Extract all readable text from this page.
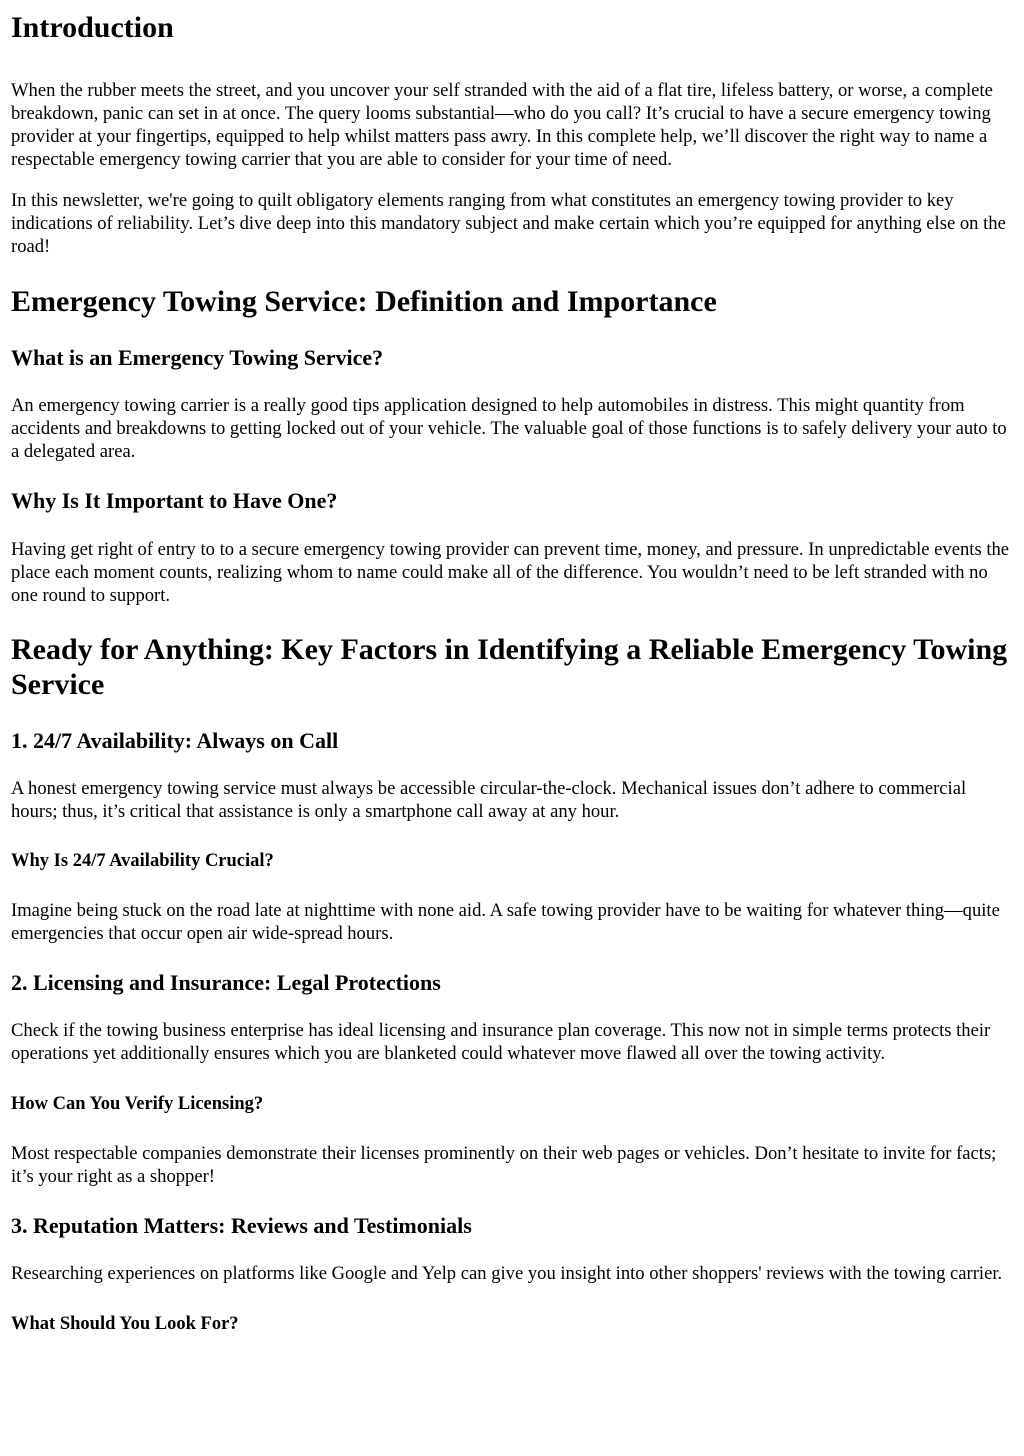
Introduction

When the rubber meets the street, and you uncover your self stranded with the aid of a flat tire, lifeless battery, or worse, a complete breakdown, panic can set in at once. The query looms substantial—who do you call? It’s crucial to have a secure emergency towing provider at your fingertips, equipped to help whilst matters pass awry. In this complete help, we’ll discover the right way to name a respectable emergency towing carrier that you are able to consider for your time of need.

In this newsletter, we're going to quilt obligatory elements ranging from what constitutes an emergency towing provider to key indications of reliability. Let’s dive deep into this mandatory subject and make certain which you’re equipped for anything else on the road!

Emergency Towing Service: Definition and Importance
What is an Emergency Towing Service?

An emergency towing carrier is a really good tips application designed to help automobiles in distress. This might quantity from accidents and breakdowns to getting locked out of your vehicle. The valuable goal of those functions is to safely delivery your auto to a delegated area.

Why Is It Important to Have One?

Having get right of entry to to a secure emergency towing provider can prevent time, money, and pressure. In unpredictable events the place each moment counts, realizing whom to name could make all of the difference. You wouldn’t need to be left stranded with no one round to support.

Ready for Anything: Key Factors in Identifying a Reliable Emergency Towing Service
1. 24/7 Availability: Always on Call

A honest emergency towing service must always be accessible circular-the-clock. Mechanical issues don’t adhere to commercial hours; thus, it’s critical that assistance is only a smartphone call away at any hour.

Why Is 24/7 Availability Crucial?

Imagine being stuck on the road late at nighttime with none aid. A safe towing provider have to be waiting for whatever thing—quite emergencies that occur open air wide-spread hours.

2. Licensing and Insurance: Legal Protections

Check if the towing business enterprise has ideal licensing and insurance plan coverage. This now not in simple terms protects their operations yet additionally ensures which you are blanketed could whatever move flawed all over the towing activity.

How Can You Verify Licensing?

Most respectable companies demonstrate their licenses prominently on their web pages or vehicles. Don’t hesitate to invite for facts; it’s your right as a shopper!

3. Reputation Matters: Reviews and Testimonials

Researching experiences on platforms like Google and Yelp can give you insight into other shoppers' reviews with the towing carrier.

What Should You Look For?
